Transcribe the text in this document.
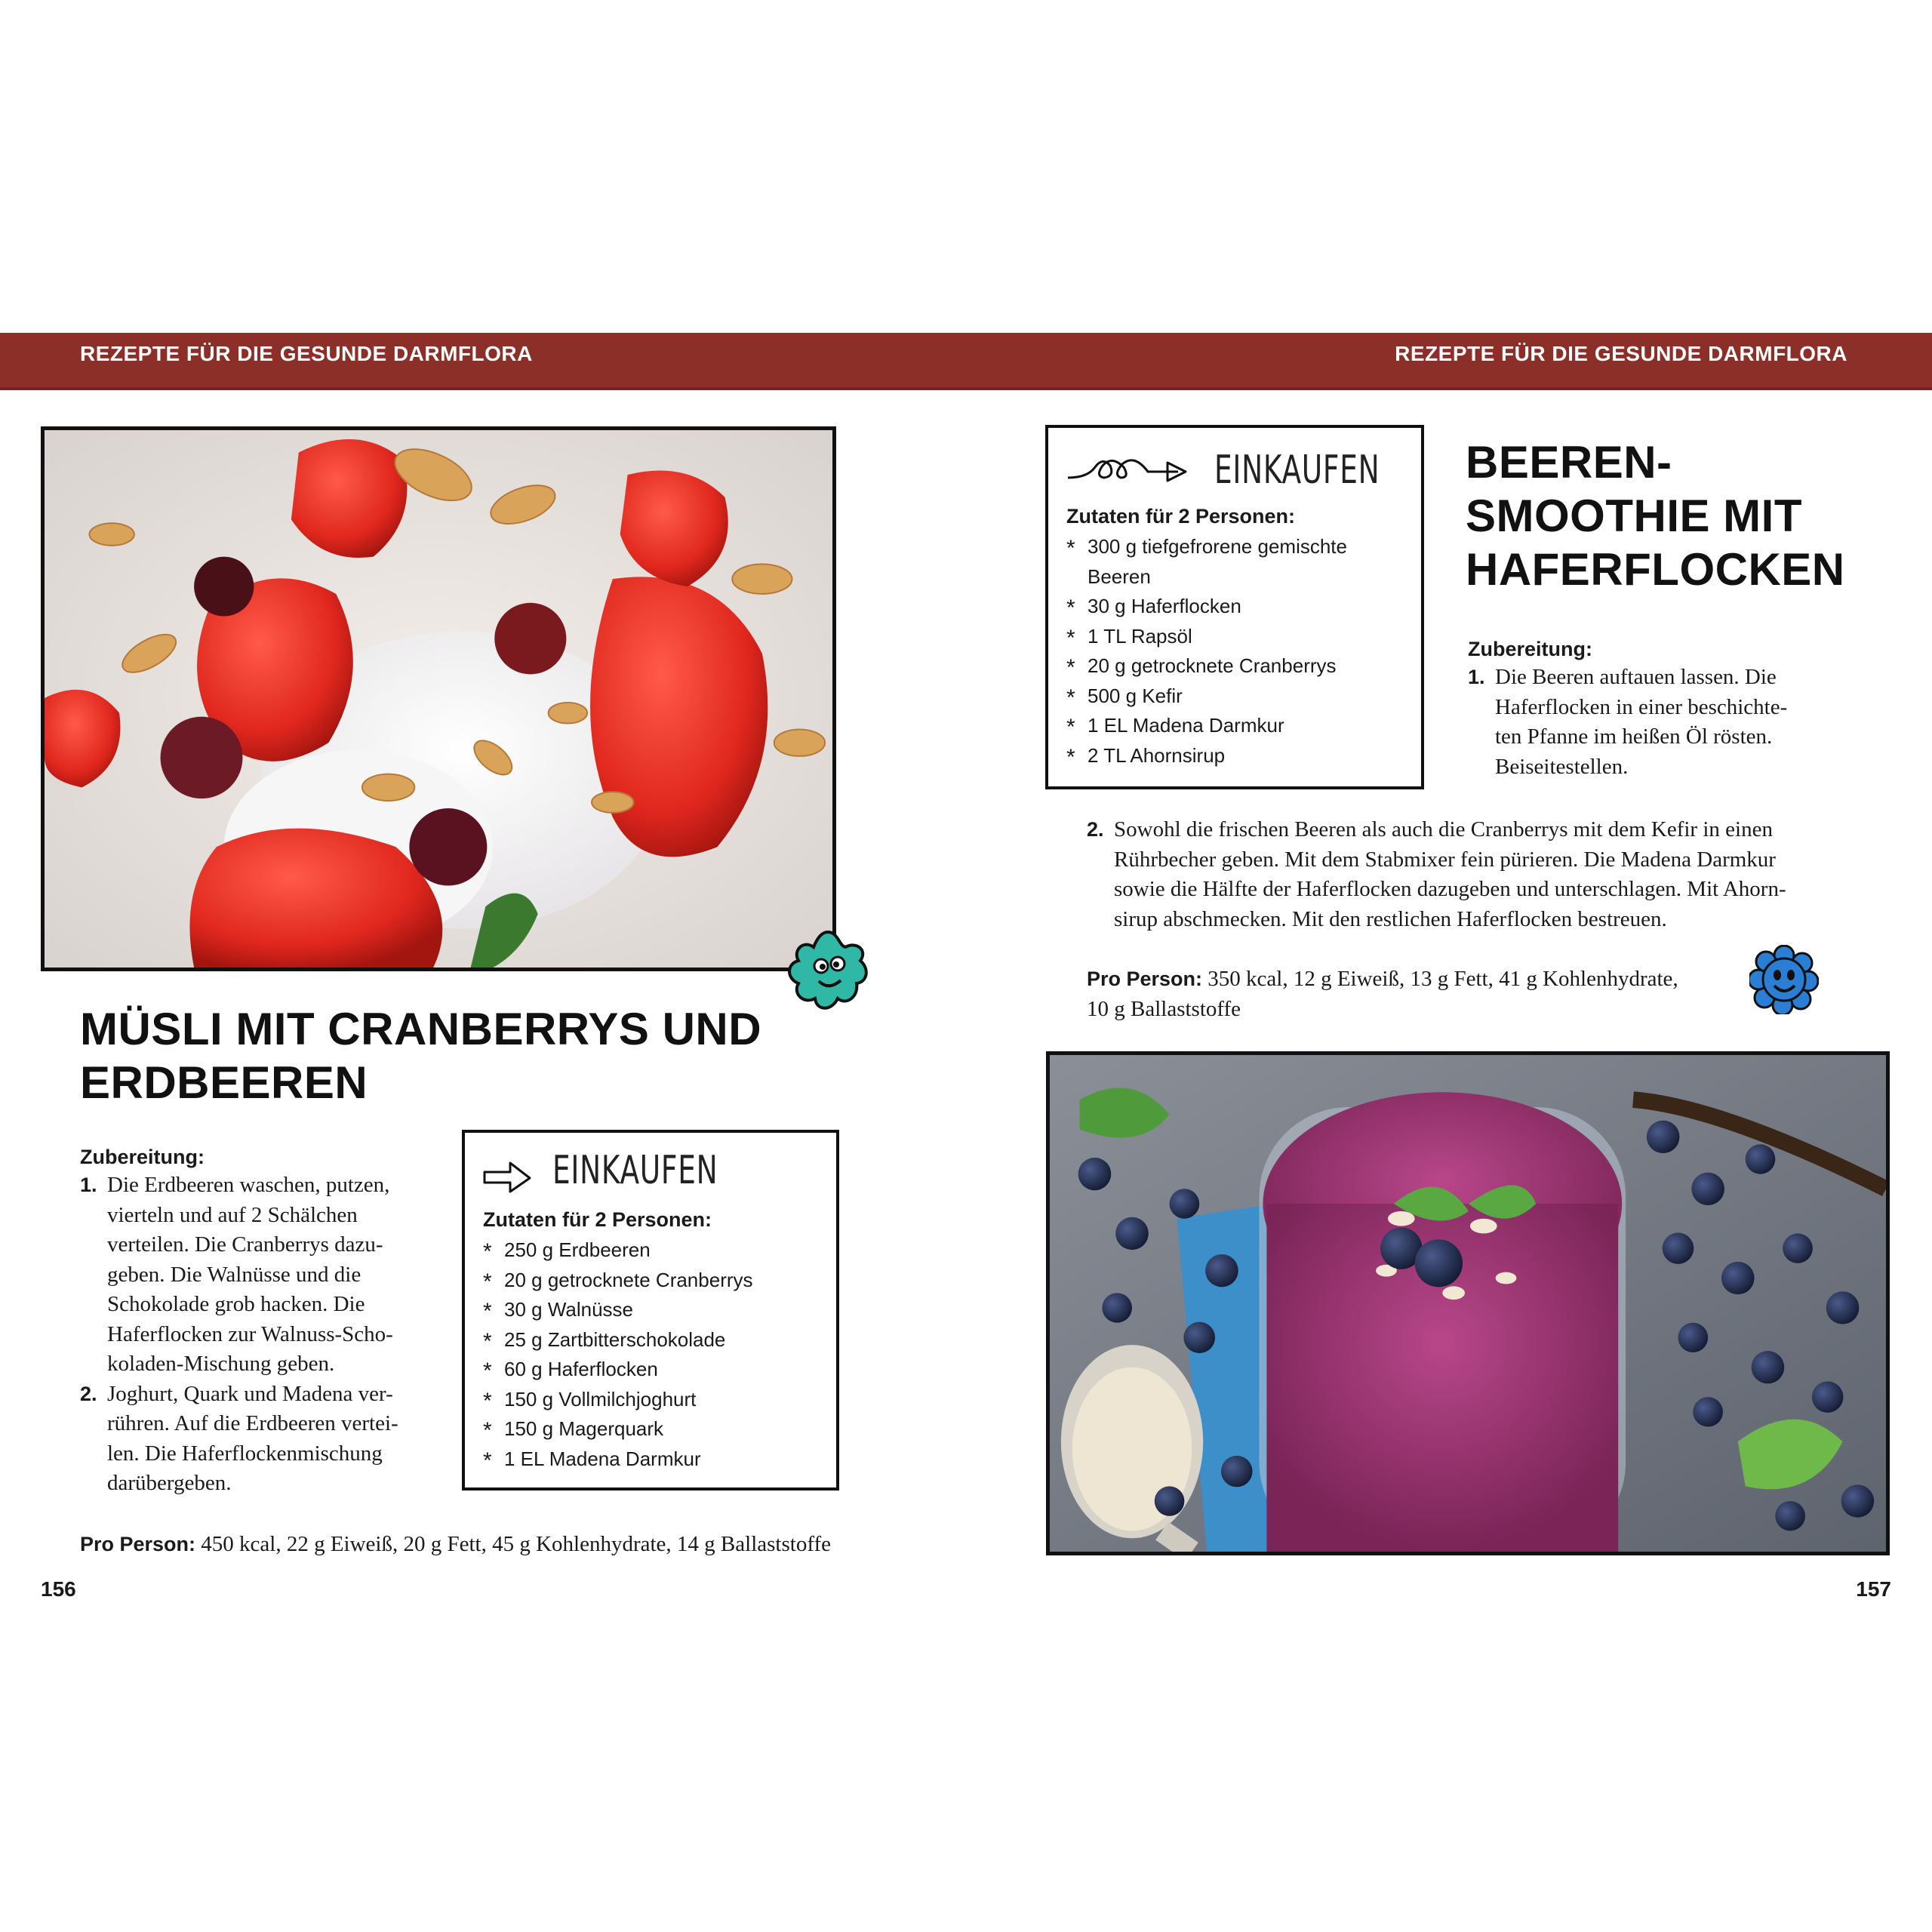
REZEPTE FÜR DIE GESUNDE DARMFLORA	REZEPTE FÜR DIE GESUNDE DARMFLORA
MÜSLI MIT CRANBERRYS UND
ERDBEEREN
Zubereitung:
1. Die Erdbeeren waschen, putzen,
vierteln und auf 2 Schälchen
verteilen. Die Cranberrys dazu-
geben. Die Walnüsse und die
Schokolade grob hacken. Die
Haferflocken zur Walnuss-Scho-
koladen-Mischung geben.
2. Joghurt, Quark und Madena ver-
rühren. Auf die Erdbeeren vertei-
len. Die Haferflockenmischung
darübergeben.
EINKAUFEN
Zutaten für 2 Personen:
* 250 g Erdbeeren
* 20 g getrocknete Cranberrys
* 30 g Walnüsse
* 25 g Zartbitterschokolade
* 60 g Haferflocken
* 150 g Vollmilchjoghurt
* 150 g Magerquark
* 1 EL Madena Darmkur
Pro Person: 450 kcal, 22 g Eiweiß, 20 g Fett, 45 g Kohlenhydrate, 14 g Ballaststoffe
156
EINKAUFEN
Zutaten für 2 Personen:
* 300 g tiefgefrorene gemischte
Beeren
* 30 g Haferflocken
* 1 TL Rapsöl
* 20 g getrocknete Cranberrys
* 500 g Kefir
* 1 EL Madena Darmkur
* 2 TL Ahornsirup
BEEREN-
SMOOTHIE MIT
HAFERFLOCKEN
Zubereitung:
1. Die Beeren auftauen lassen. Die
Haferflocken in einer beschichte-
ten Pfanne im heißen Öl rösten.
Beiseitestellen.
2. Sowohl die frischen Beeren als auch die Cranberrys mit dem Kefir in einen
Rührbecher geben. Mit dem Stabmixer fein pürieren. Die Madena Darmkur
sowie die Hälfte der Haferflocken dazugeben und unterschlagen. Mit Ahorn-
sirup abschmecken. Mit den restlichen Haferflocken bestreuen.
Pro Person: 350 kcal, 12 g Eiweiß, 13 g Fett, 41 g Kohlenhydrate,
10 g Ballaststoffe
157
